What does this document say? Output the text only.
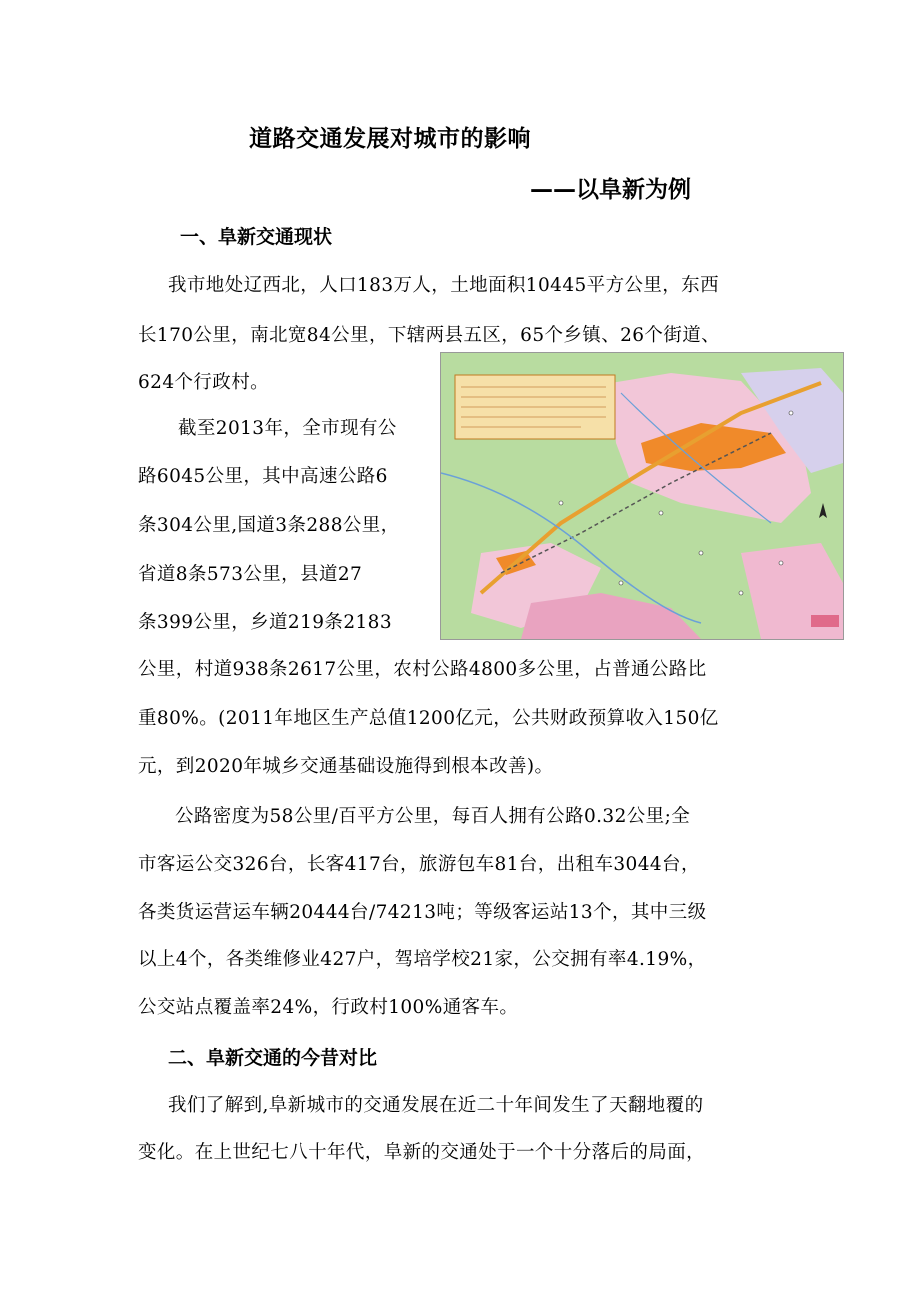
道路交通发展对城市的影响
——以阜新为例
一、阜新交通现状
我市地处辽西北，人口183万人，土地面积10445平方公里，东西
长170公里，南北宽84公里，下辖两县五区，65个乡镇、26个街道、
624个行政村。
截至2013年，全市现有公
路6045公里，其中高速公路6
条304公里,国道3条288公里，
省道8条573公里，县道27
条399公里，乡道219条2183
公里，村道938条2617公里，农村公路4800多公里，占普通公路比
重80%。(2011年地区生产总值1200亿元，公共财政预算收入150亿
元，到2020年城乡交通基础设施得到根本改善)。
公路密度为58公里/百平方公里，每百人拥有公路0.32公里;全
市客运公交326台，长客417台，旅游包车81台，出租车3044台，
各类货运营运车辆20444台/74213吨；等级客运站13个，其中三级
以上4个，各类维修业427户，驾培学校21家，公交拥有率4.19%，
公交站点覆盖率24%，行政村100%通客车。
二、阜新交通的今昔对比
我们了解到,阜新城市的交通发展在近二十年间发生了天翻地覆的
变化。在上世纪七八十年代，阜新的交通处于一个十分落后的局面，
